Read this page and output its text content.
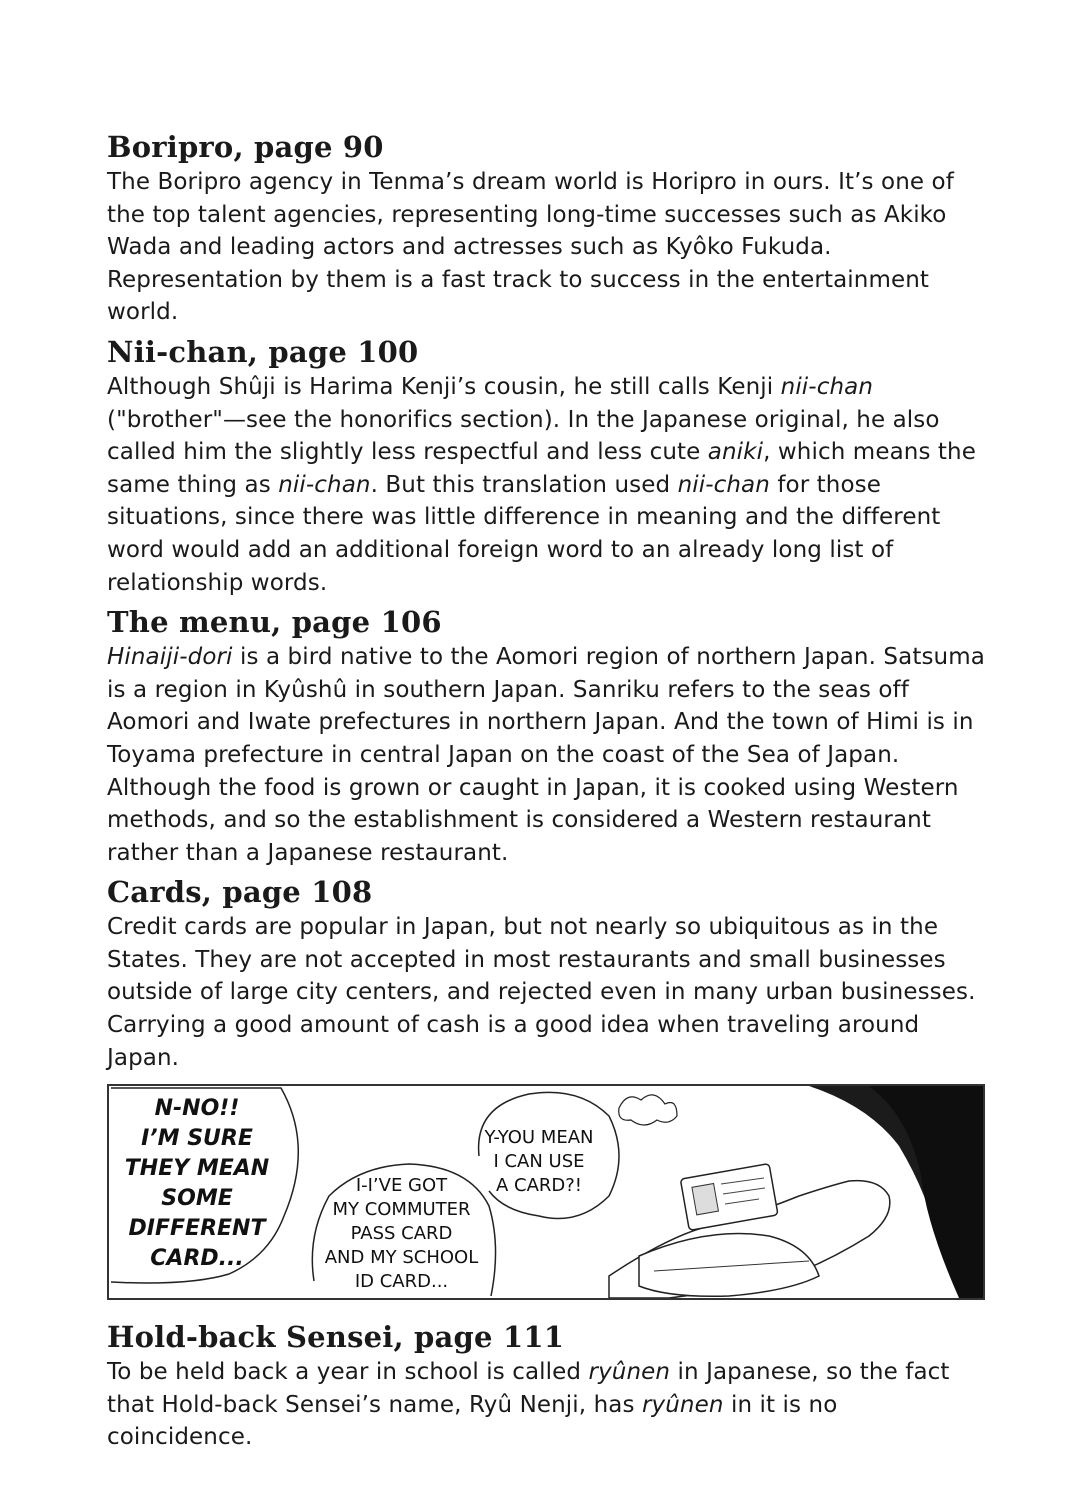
Boripro, page 90

The Boripro agency in Tenma’s dream world is Horipro in ours. It’s one of the top talent agencies, representing long-time successes such as Akiko Wada and leading actors and actresses such as Kyôko Fukuda. Representation by them is a fast track to success in the entertainment world.

Nii-chan, page 100

Although Shûji is Harima Kenji’s cousin, he still calls Kenji nii-chan ("brother"—see the honorifics section). In the Japanese original, he also called him the slightly less respectful and less cute aniki, which means the same thing as nii-chan. But this translation used nii-chan for those situations, since there was little difference in meaning and the different word would add an additional foreign word to an already long list of relationship words.

The menu, page 106

Hinaiji-dori is a bird native to the Aomori region of northern Japan. Satsuma is a region in Kyûshû in southern Japan. Sanriku refers to the seas off Aomori and Iwate prefectures in northern Japan. And the town of Himi is in Toyama prefecture in central Japan on the coast of the Sea of Japan. Although the food is grown or caught in Japan, it is cooked using Western methods, and so the establishment is considered a Western restaurant rather than a Japanese restaurant.

Cards, page 108

Credit cards are popular in Japan, but not nearly so ubiquitous as in the States. They are not accepted in most restaurants and small businesses outside of large city centers, and rejected even in many urban businesses. Carrying a good amount of cash is a good idea when traveling around Japan.

N-NO!!
I’M SURE
THEY MEAN
SOME
DIFFERENT
CARD...
I-I’VE GOT
MY COMMUTER
PASS CARD
AND MY SCHOOL
ID CARD...
Y-YOU MEAN
I CAN USE
A CARD?!
Hold-back Sensei, page 111

To be held back a year in school is called ryûnen in Japanese, so the fact that Hold-back Sensei’s name, Ryû Nenji, has ryûnen in it is no coincidence.
